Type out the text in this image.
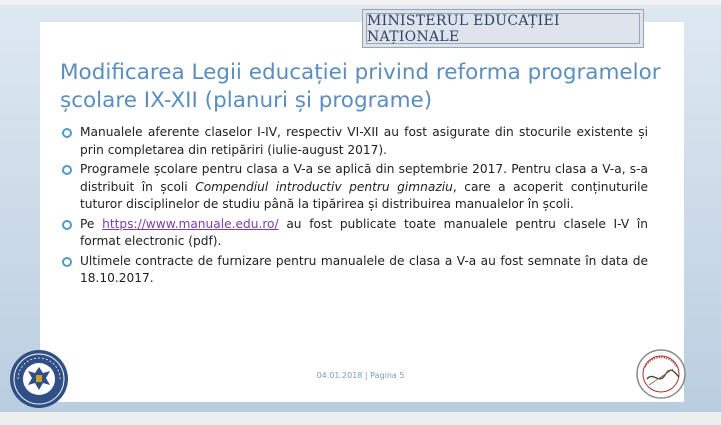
MINISTERUL EDUCAȚIEI NAȚIONALE
Modificarea Legii educației privind reforma programelor școlare IX-XII (planuri și programe)
Manualele aferente claselor I-IV, respectiv VI-XII au fost asigurate din stocurile existente și prin completarea din retipăriri (iulie-august 2017).
Programele școlare pentru clasa a V-a se aplică din septembrie 2017. Pentru clasa a V-a, s-a distribuit în școli Compendiul introductiv pentru gimnaziu, care a acoperit conținuturile tuturor disciplinelor de studiu până la tipărirea și distribuirea manualelor în școli.
Pe https://www.manuale.edu.ro/ au fost publicate toate manualele pentru clasele I-V în format electronic (pdf).
Ultimele contracte de furnizare pentru manualele de clasa a V-a au fost semnate în data de 18.10.2017.
04.01.2018 | Pagina 5
